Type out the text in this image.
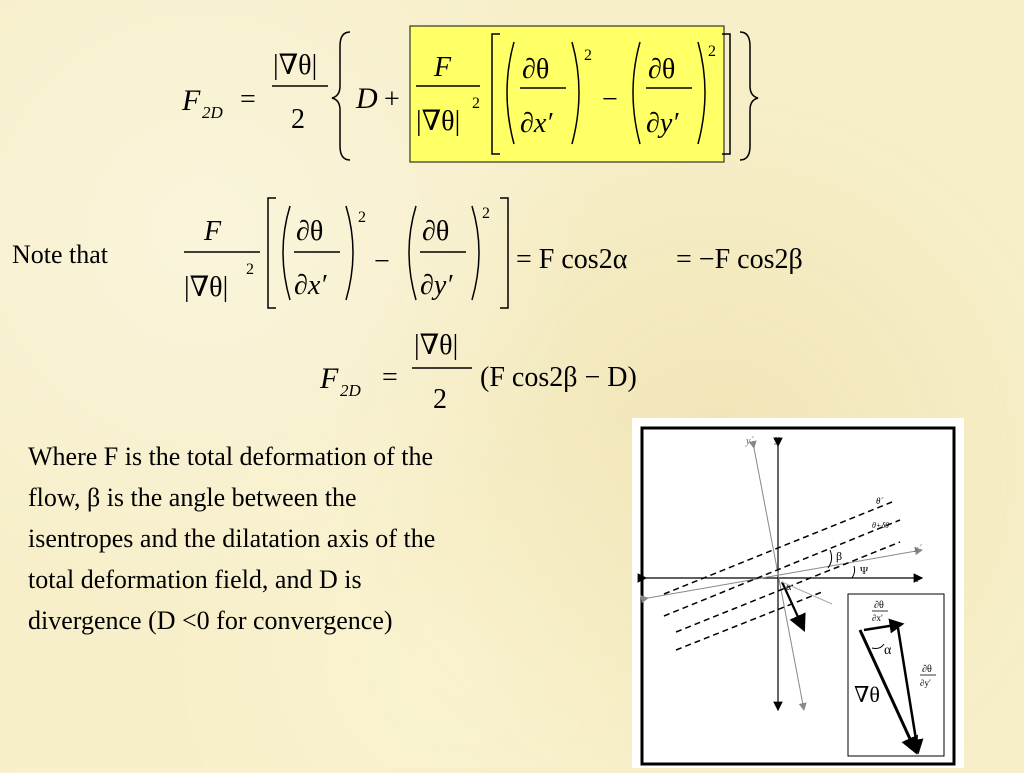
F 2D =
|∇θ|
2
D +
F
|∇θ|
2
∂θ
∂x′
2
−
∂θ
∂y′
2
Note that
F
|∇θ|
2
∂θ
∂x′
2
−
∂θ
∂y′
2
= F cos2α = −F cos2β
F 2D =
|∇θ|
2
(F cos2β − D)
Where F is the total deformation of the
flow, β is the angle between the
isentropes and the dilatation axis of the
total deformation field, and D is
divergence (D <0 for convergence)
x
y
x´
y´
θ´
θ+δθ
β
Ψ
α
∂θ
∂x′
α
∂θ
∂y′
∇θ
